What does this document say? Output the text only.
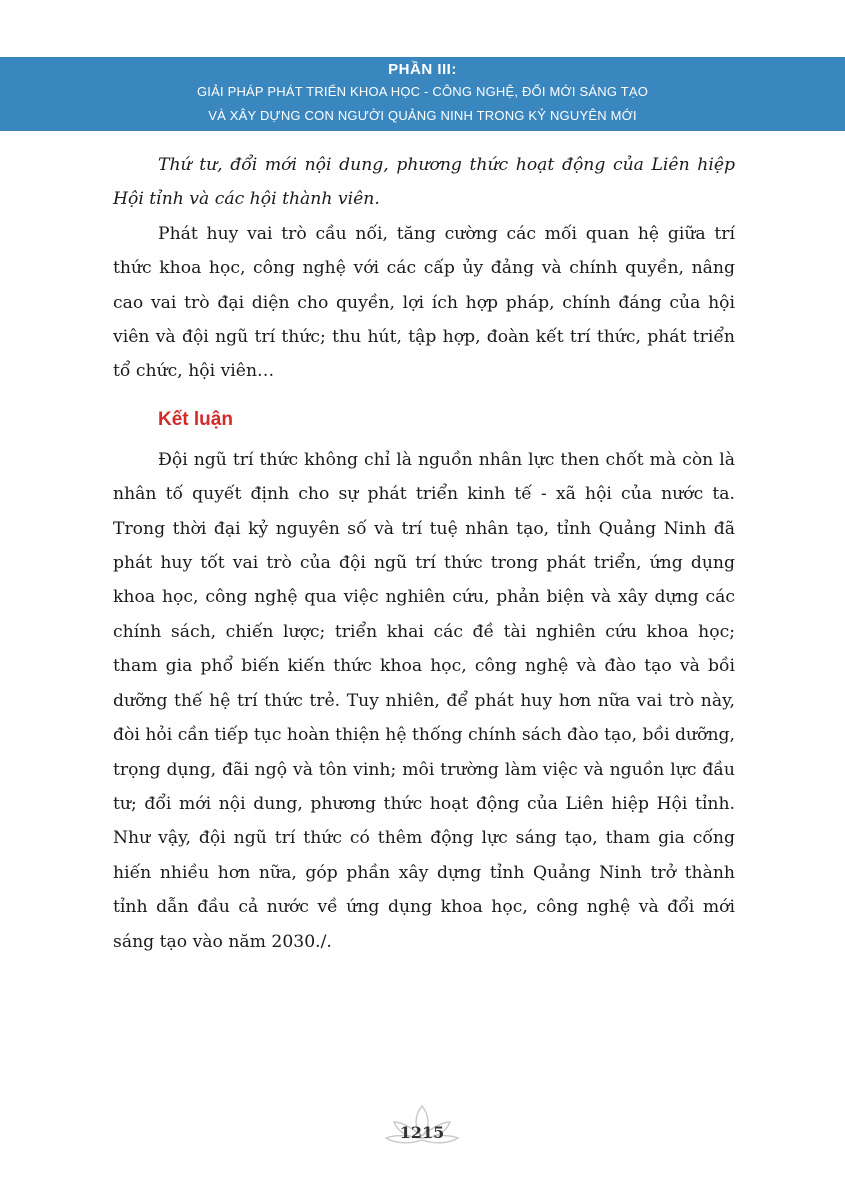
PHẦN III:
GIẢI PHÁP PHÁT TRIỂN KHOA HỌC - CÔNG NGHỆ, ĐỔI MỚI SÁNG TẠO
VÀ XÂY DỰNG CON NGƯỜI QUẢNG NINH TRONG KỶ NGUYÊN MỚI

Thứ tư, đổi mới nội dung, phương thức hoạt động của Liên hiệp Hội tỉnh và các hội thành viên.

Phát huy vai trò cầu nối, tăng cường các mối quan hệ giữa trí thức khoa học, công nghệ với các cấp ủy đảng và chính quyền, nâng cao vai trò đại diện cho quyền, lợi ích hợp pháp, chính đáng của hội viên và đội ngũ trí thức; thu hút, tập hợp, đoàn kết trí thức, phát triển tổ chức, hội viên…

Kết luận

Đội ngũ trí thức không chỉ là nguồn nhân lực then chốt mà còn là nhân tố quyết định cho sự phát triển kinh tế - xã hội của nước ta. Trong thời đại kỷ nguyên số và trí tuệ nhân tạo, tỉnh Quảng Ninh đã phát huy tốt vai trò của đội ngũ trí thức trong phát triển, ứng dụng khoa học, công nghệ qua việc nghiên cứu, phản biện và xây dựng các chính sách, chiến lược; triển khai các đề tài nghiên cứu khoa học; tham gia phổ biến kiến thức khoa học, công nghệ và đào tạo và bồi dưỡng thế hệ trí thức trẻ. Tuy nhiên, để phát huy hơn nữa vai trò này, đòi hỏi cần tiếp tục hoàn thiện hệ thống chính sách đào tạo, bồi dưỡng, trọng dụng, đãi ngộ và tôn vinh; môi trường làm việc và nguồn lực đầu tư; đổi mới nội dung, phương thức hoạt động của Liên hiệp Hội tỉnh. Như vậy, đội ngũ trí thức có thêm động lực sáng tạo, tham gia cống hiến nhiều hơn nữa, góp phần xây dựng tỉnh Quảng Ninh trở thành tỉnh dẫn đầu cả nước về ứng dụng khoa học, công nghệ và đổi mới sáng tạo vào năm 2030./.

1215
